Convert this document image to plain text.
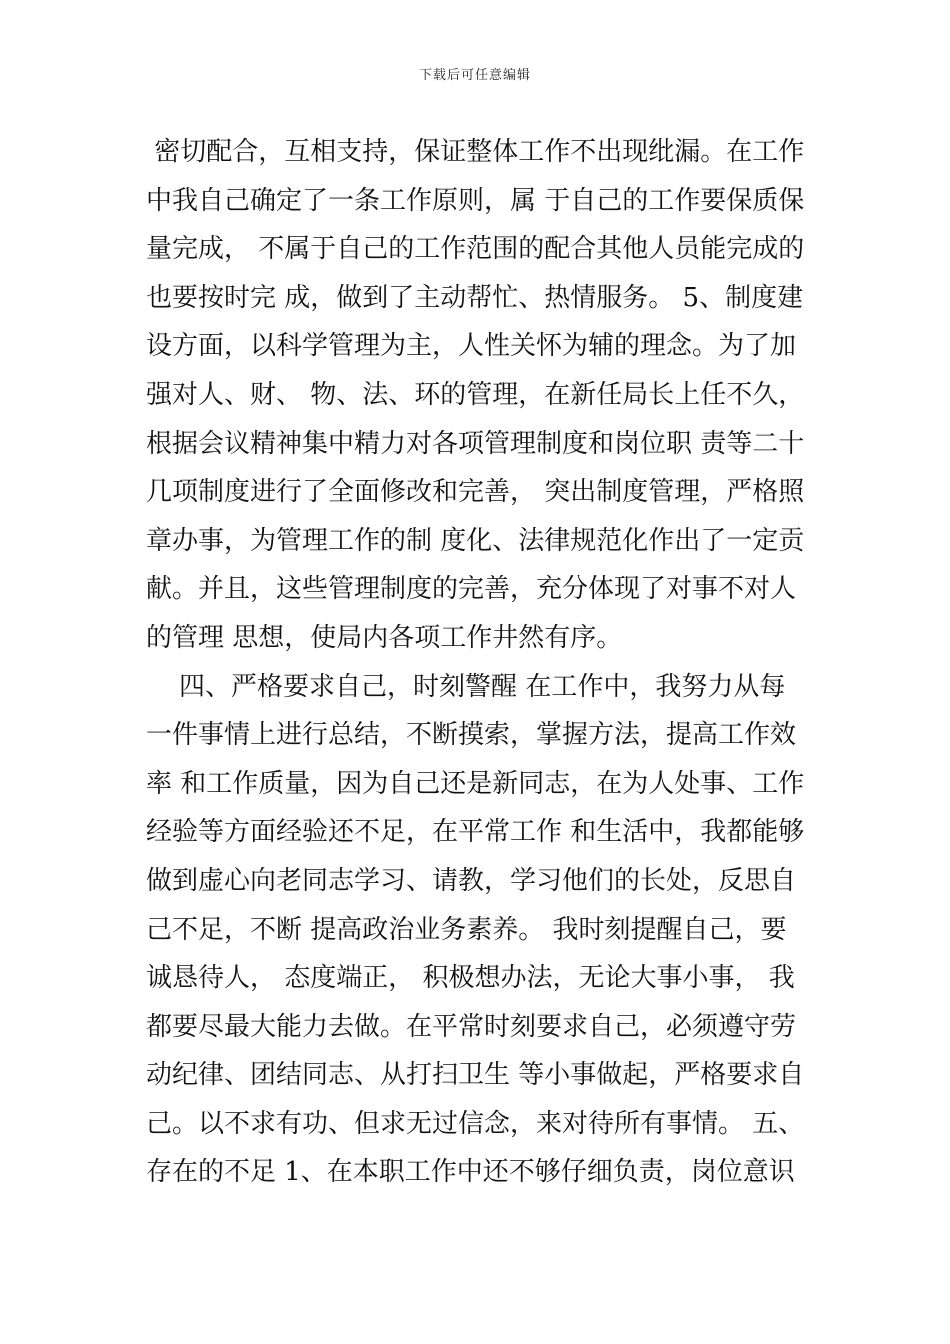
下载后可任意编辑
密切配合，互相支持，保证整体工作不出现纰漏。在工作
中我自己确定了一条工作原则，属 于自己的工作要保质保
量完成， 不属于自己的工作范围的配合其他人员能完成的
也要按时完 成，做到了主动帮忙、热情服务。 5、制度建
设方面，以科学管理为主，人性关怀为辅的理念。为了加
强对人、财、 物、法、环的管理，在新任局长上任不久，
根据会议精神集中精力对各项管理制度和岗位职 责等二十
几项制度进行了全面修改和完善， 突出制度管理，严格照
章办事，为管理工作的制 度化、法律规范化作出了一定贡
献。并且，这些管理制度的完善，充分体现了对事不对人
的管理 思想，使局内各项工作井然有序。
四、严格要求自己，时刻警醒 在工作中，我努力从每
一件事情上进行总结，不断摸索，掌握方法，提高工作效
率 和工作质量，因为自己还是新同志，在为人处事、工作
经验等方面经验还不足，在平常工作 和生活中，我都能够
做到虚心向老同志学习、请教，学习他们的长处，反思自
己不足，不断 提高政治业务素养。 我时刻提醒自己，要
诚恳待人， 态度端正， 积极想办法，无论大事小事， 我
都要尽最大能力去做。在平常时刻要求自己，必须遵守劳
动纪律、团结同志、从打扫卫生 等小事做起，严格要求自
己。以不求有功、但求无过信念，来对待所有事情。 五、
存在的不足 1、在本职工作中还不够仔细负责，岗位意识
